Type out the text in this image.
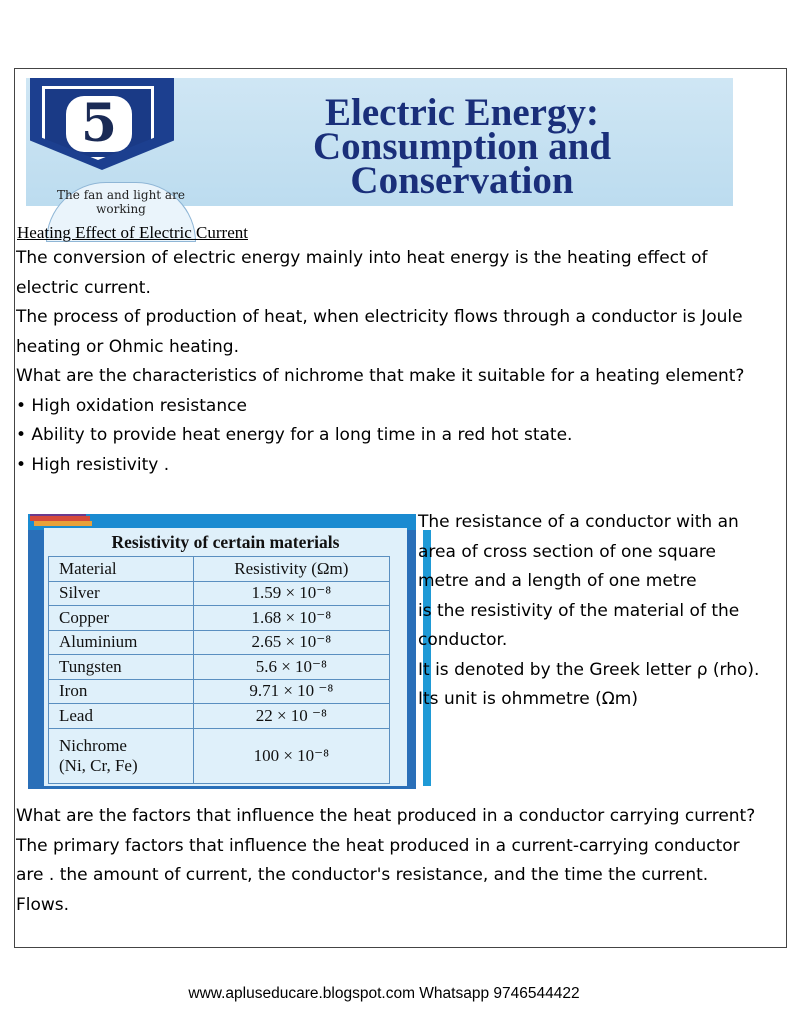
5
The fan and light are working
Electric Energy:
Consumption and
Conservation
Heating Effect of Electric Current
The conversion of electric energy mainly into heat energy is the heating effect of electric current.
The process of production of heat, when electricity flows through a conductor is Joule heating or Ohmic heating.
What are the characteristics of nichrome that make it suitable for a heating element?
• High oxidation resistance
• Ability to provide heat energy for a long time in a red hot state.
• High resistivity .
Resistivity of certain materials
Material	Resistivity (Ωm)
Silver	1.59 × 10⁻⁸
Copper	1.68 × 10⁻⁸
Aluminium	2.65 × 10⁻⁸
Tungsten	5.6 × 10⁻⁸
Iron	9.71 × 10 ⁻⁸
Lead	22 × 10 ⁻⁸

Nichrome
(Ni, Cr, Fe)	100 × 10⁻⁸
The resistance of a conductor with an area of cross section of one square metre and a length of one metre
is the resistivity of the material of the conductor.
It is denoted by the Greek letter ρ (rho). Its unit is ohmmetre (Ωm)
What are the factors that influence the heat produced in a conductor carrying current?
The primary factors that influence the heat produced in a current-carrying conductor are . the amount of current, the conductor's resistance, and the time the current. Flows.
www.apluseducare.blogspot.com Whatsapp 9746544422
